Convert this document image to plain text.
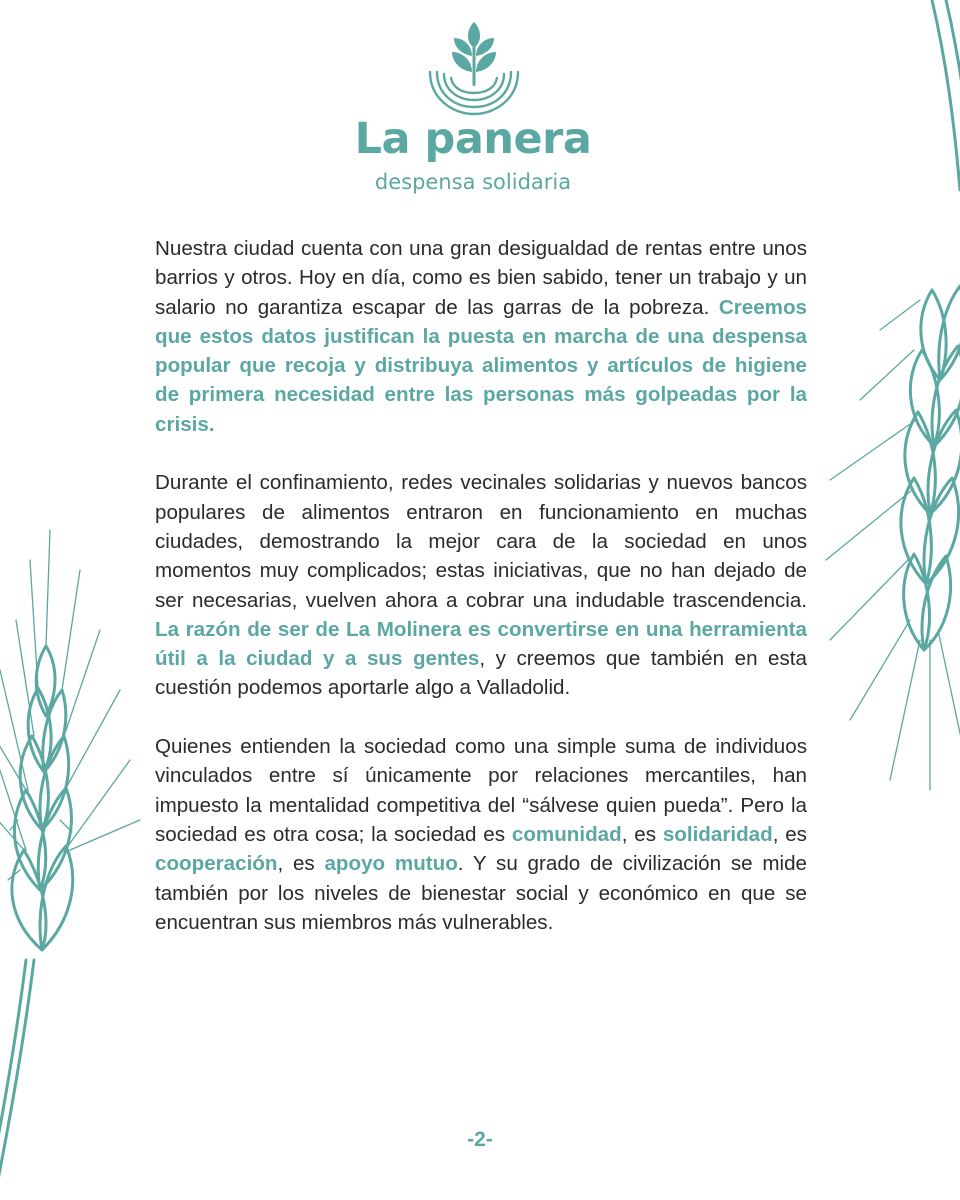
La panera
despensa solidaria

Nuestra ciudad cuenta con una gran desigualdad de rentas entre unos barrios y otros. Hoy en día, como es bien sabido, tener un trabajo y un salario no garantiza escapar de las garras de la pobreza. Creemos que estos datos justifican la puesta en marcha de una despensa popular que recoja y distribuya alimentos y artículos de higiene de primera necesidad entre las personas más golpeadas por la crisis.

Durante el confinamiento, redes vecinales solidarias y nuevos bancos populares de alimentos entraron en funcionamiento en muchas ciudades, demostrando la mejor cara de la sociedad en unos momentos muy complicados; estas iniciativas, que no han dejado de ser necesarias, vuelven ahora a cobrar una indudable trascendencia. La razón de ser de La Molinera es convertirse en una herramienta útil a la ciudad y a sus gentes, y creemos que también en esta cuestión podemos aportarle algo a Valladolid.

Quienes entienden la sociedad como una simple suma de individuos vinculados entre sí únicamente por relaciones mercantiles, han impuesto la mentalidad competitiva del “sálvese quien pueda”. Pero la sociedad es otra cosa; la sociedad es comunidad, es solidaridad, es cooperación, es apoyo mutuo. Y su grado de civilización se mide también por los niveles de bienestar social y económico en que se encuentran sus miembros más vulnerables.

-2-
